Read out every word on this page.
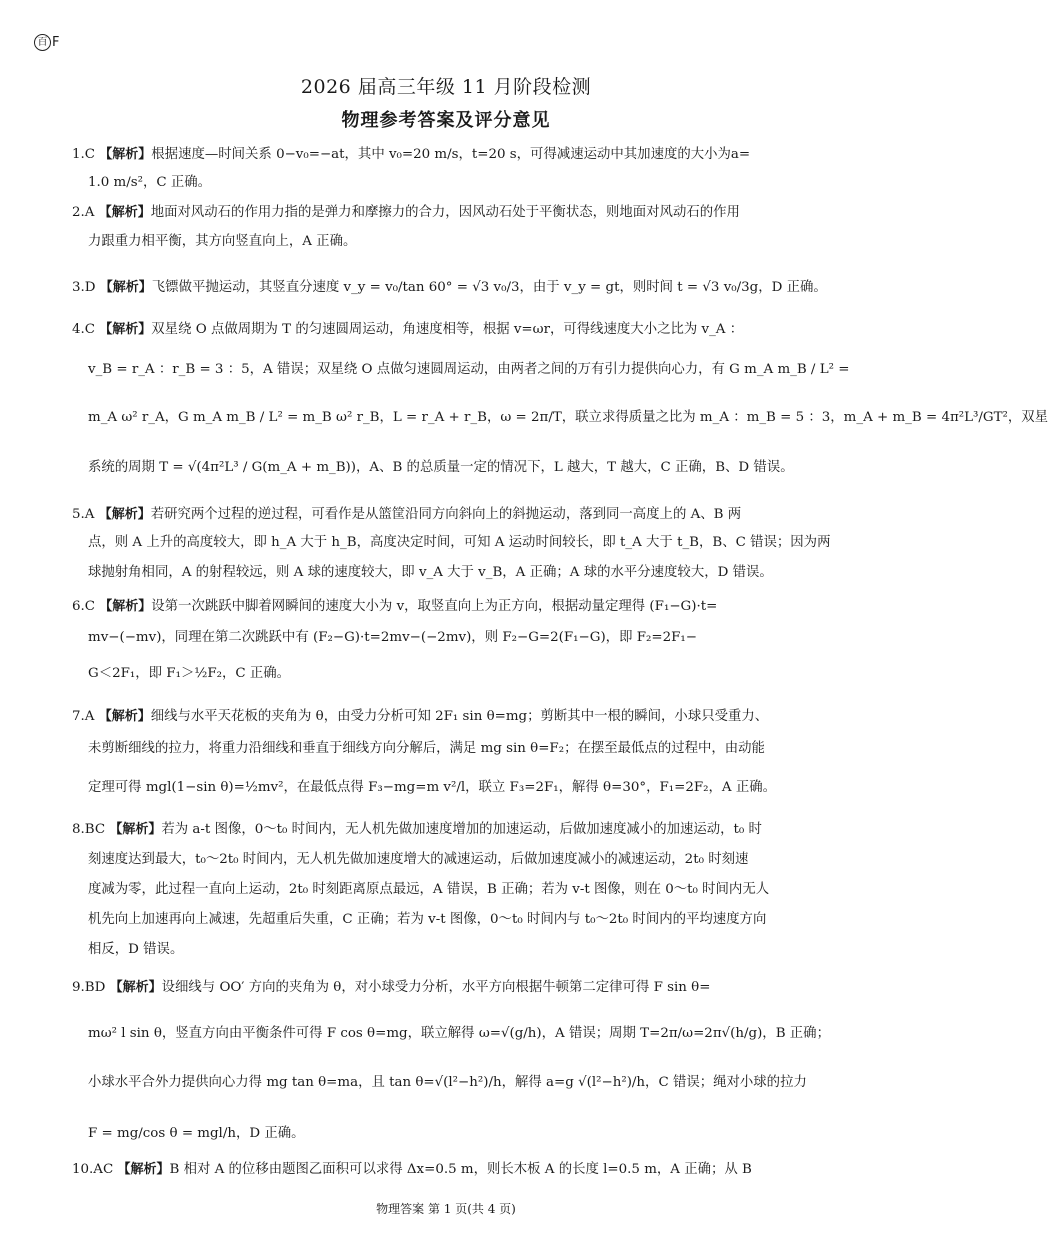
百 F
2026 届高三年级 11 月阶段检测
物理参考答案及评分意见
1.C 【解析】根据速度—时间关系 0−v₀=−at，其中 v₀=20 m/s，t=20 s，可得减速运动中其加速度的大小为a=
1.0 m/s²，C 正确。
2.A 【解析】地面对风动石的作用力指的是弹力和摩擦力的合力，因风动石处于平衡状态，则地面对风动石的作用
力跟重力相平衡，其方向竖直向上，A 正确。
3.D 【解析】飞镖做平抛运动，其竖直分速度 v_y = v₀/tan 60° = √3 v₀/3，由于 v_y = gt，则时间 t = √3 v₀/3g，D 正确。
4.C 【解析】双星绕 O 点做周期为 T 的匀速圆周运动，角速度相等，根据 v=ωr，可得线速度大小之比为 v_A ：
v_B = r_A ：r_B = 3 ：5，A 错误；双星绕 O 点做匀速圆周运动，由两者之间的万有引力提供向心力，有 G m_A m_B / L² =
m_A ω² r_A，G m_A m_B / L² = m_B ω² r_B，L = r_A + r_B，ω = 2π/T，联立求得质量之比为 m_A ：m_B = 5 ：3，m_A + m_B = 4π²L³/GT²，双星
系统的周期 T = √(4π²L³ / G(m_A + m_B))，A、B 的总质量一定的情况下，L 越大，T 越大，C 正确，B、D 错误。
5.A 【解析】若研究两个过程的逆过程，可看作是从篮筐沿同方向斜向上的斜抛运动，落到同一高度上的 A、B 两
点，则 A 上升的高度较大，即 h_A 大于 h_B，高度决定时间，可知 A 运动时间较长，即 t_A 大于 t_B，B、C 错误；因为两
球抛射角相同，A 的射程较远，则 A 球的速度较大，即 v_A 大于 v_B，A 正确；A 球的水平分速度较大，D 错误。
6.C 【解析】设第一次跳跃中脚着网瞬间的速度大小为 v，取竖直向上为正方向，根据动量定理得 (F₁−G)·t=
mv−(−mv)，同理在第二次跳跃中有 (F₂−G)·t=2mv−(−2mv)，则 F₂−G=2(F₁−G)，即 F₂=2F₁−
G＜2F₁，即 F₁＞½F₂，C 正确。
7.A 【解析】细线与水平天花板的夹角为 θ，由受力分析可知 2F₁ sin θ=mg；剪断其中一根的瞬间，小球只受重力、
未剪断细线的拉力，将重力沿细线和垂直于细线方向分解后，满足 mg sin θ=F₂；在摆至最低点的过程中，由动能
定理可得 mgl(1−sin θ)=½mv²，在最低点得 F₃−mg=m v²/l，联立 F₃=2F₁，解得 θ=30°，F₁=2F₂，A 正确。
8.BC 【解析】若为 a-t 图像，0～t₀ 时间内，无人机先做加速度增加的加速运动，后做加速度减小的加速运动，t₀ 时
刻速度达到最大，t₀～2t₀ 时间内，无人机先做加速度增大的减速运动，后做加速度减小的减速运动，2t₀ 时刻速
度减为零，此过程一直向上运动，2t₀ 时刻距离原点最远，A 错误，B 正确；若为 v-t 图像，则在 0～t₀ 时间内无人
机先向上加速再向上减速，先超重后失重，C 正确；若为 v-t 图像，0～t₀ 时间内与 t₀～2t₀ 时间内的平均速度方向
相反，D 错误。
9.BD 【解析】设细线与 OO′ 方向的夹角为 θ，对小球受力分析，水平方向根据牛顿第二定律可得 F sin θ=
mω² l sin θ，竖直方向由平衡条件可得 F cos θ=mg，联立解得 ω=√(g/h)，A 错误；周期 T=2π/ω=2π√(h/g)，B 正确；
小球水平合外力提供向心力得 mg tan θ=ma，且 tan θ=√(l²−h²)/h，解得 a=g √(l²−h²)/h，C 错误；绳对小球的拉力
F = mg/cos θ = mgl/h，D 正确。
10.AC 【解析】B 相对 A 的位移由题图乙面积可以求得 Δx=0.5 m，则长木板 A 的长度 l=0.5 m，A 正确；从 B
物理答案 第 1 页(共 4 页)
